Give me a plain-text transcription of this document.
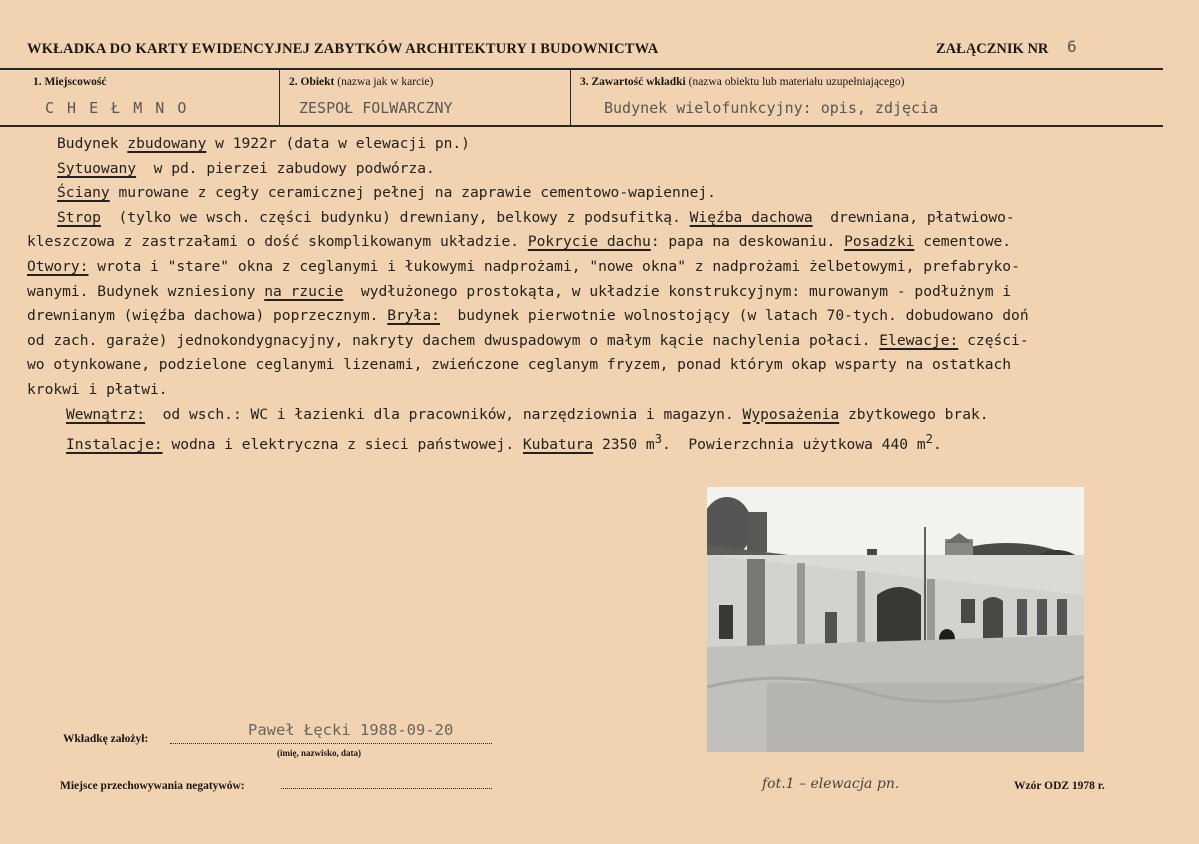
WKŁADKA DO KARTY EWIDENCYJNEJ ZABYTKÓW ARCHITEKTURY I BUDOWNICTWA	ZAŁĄCZNIK NR 6
1. Miejscowość
C H E Ł M N O
2. Obiekt (nazwa jak w karcie)
ZESPOŁ FOLWARCZNY
3. Zawartość wkładki (nazwa obiektu lub materiału uzupełniającego)
Budynek wielofunkcyjny: opis, zdjęcia
Budynek zbudowany w 1922r (data w elewacji pn.)
Sytuowany  w pd. pierzei zabudowy podwórza.
Ściany murowane z cegły ceramicznej pełnej na zaprawie cementowo-wapiennej.
Strop  (tylko we wsch. części budynku) drewniany, belkowy z podsufitką. Więźba dachowa  drewniana, płatwiowo-
kleszczowa z zastrzałami o dość skomplikowanym układzie. Pokrycie dachu: papa na deskowaniu. Posadzki cementowe.
Otwory: wrota i "stare" okna z ceglanymi i łukowymi nadprożami, "nowe okna" z nadprożami żelbetowymi, prefabryko-
wanymi. Budynek wzniesiony na rzucie  wydłużonego prostokąta, w układzie konstrukcyjnym: murowanym - podłużnym i
drewnianym (więźba dachowa) poprzecznym. Bryła:  budynek pierwotnie wolnostojący (w latach 70-tych. dobudowano doń
od zach. garaże) jednokondygnacyjny, nakryty dachem dwuspadowym o małym kącie nachylenia połaci. Elewacje: części-
wo otynkowane, podzielone ceglanymi lizenami, zwieńczone ceglanym fryzem, ponad którym okap wsparty na ostatkach
krokwi i płatwi.
Wewnątrz:  od wsch.: WC i łazienki dla pracowników, narzędziownia i magazyn. Wyposażenia zbytkowego brak.
Instalacje: wodna i elektryczna z sieci państwowej. Kubatura 2350 $m^3$.  Powierzchnia użytkowa 440 $m^2$.
Wkładkę założył:	Paweł Łęcki 1988-09-20
(imię, nazwisko, data)
Miejsce przechowywania negatywów:	fot.1 – elewacja pn.	Wzór ODZ 1978 r.
